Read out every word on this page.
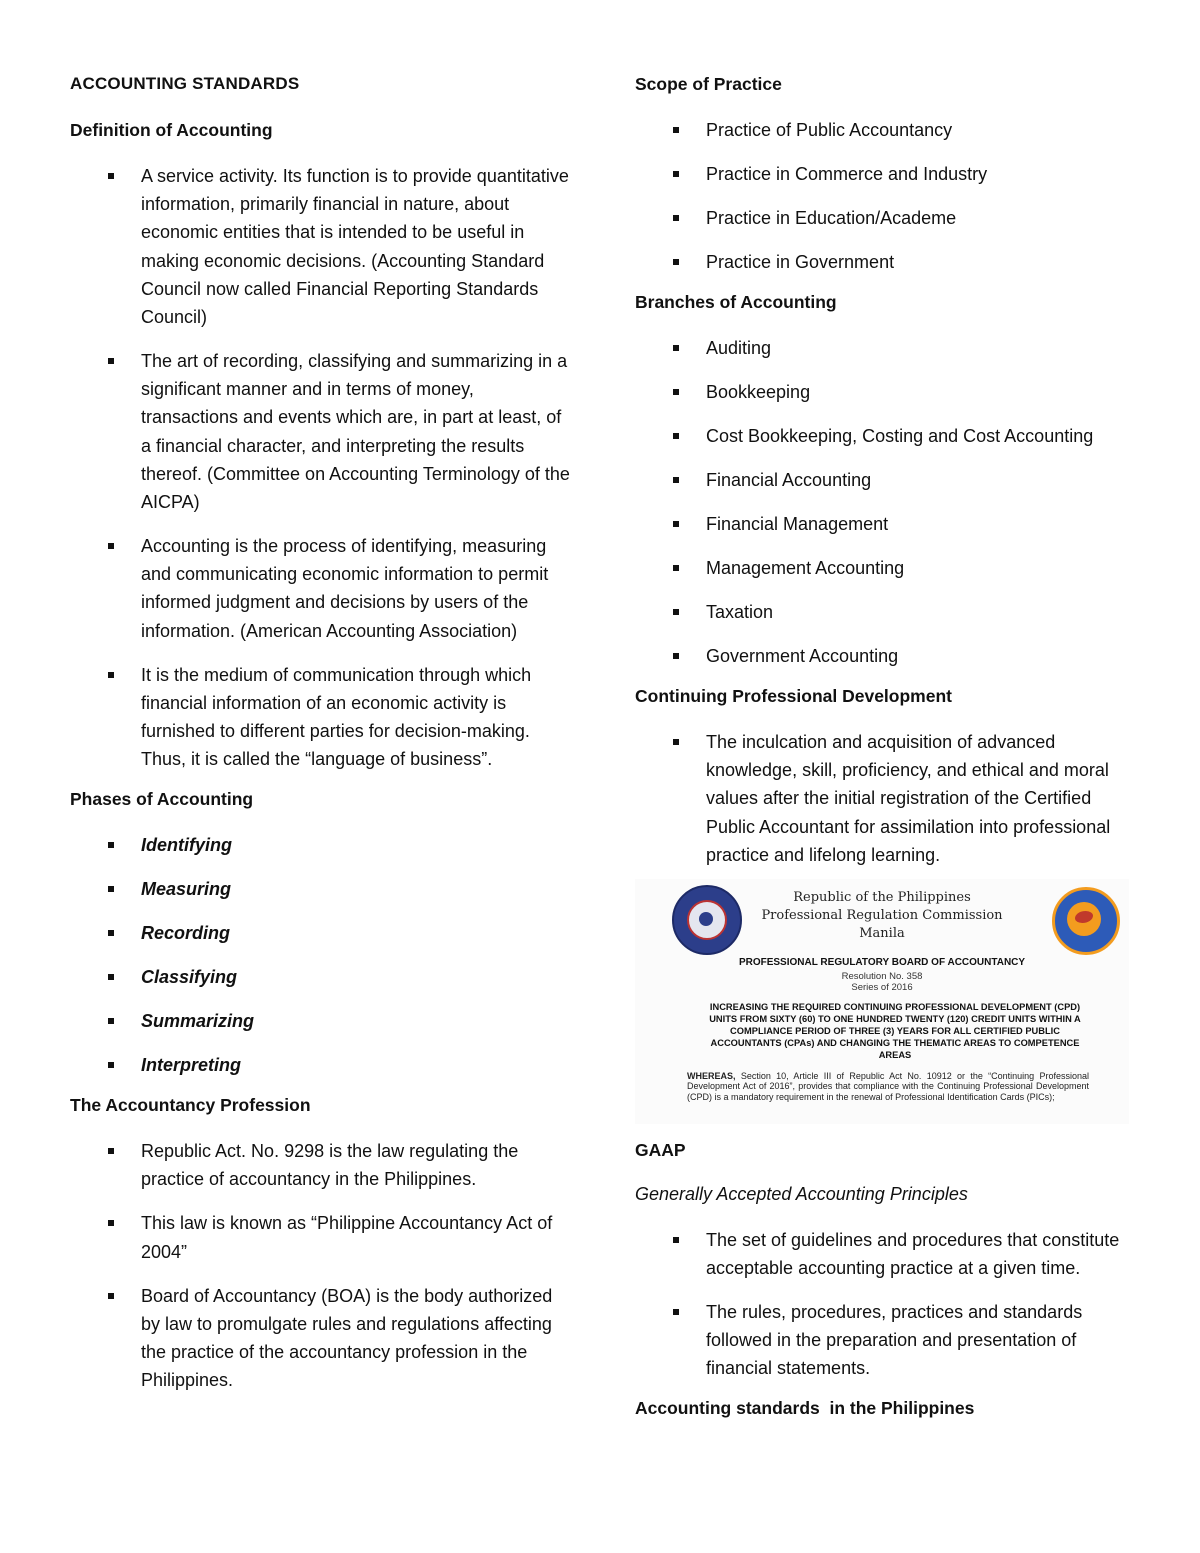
ACCOUNTING STANDARDS
Definition of Accounting
A service activity. Its function is to provide quantitative information, primarily financial in nature, about economic entities that is intended to be useful in making economic decisions. (Accounting Standard Council now called Financial Reporting Standards Council)
The art of recording, classifying and summarizing in a significant manner and in terms of money, transactions and events which are, in part at least, of a financial character, and interpreting the results thereof. (Committee on Accounting Terminology of the AICPA)
Accounting is the process of identifying, measuring and communicating economic information to permit informed judgment and decisions by users of the information. (American Accounting Association)
It is the medium of communication through which financial information of an economic activity is furnished to different parties for decision-making. Thus, it is called the “language of business”.
Phases of Accounting
Identifying
Measuring
Recording
Classifying
Summarizing
Interpreting
The Accountancy Profession
Republic Act. No. 9298 is the law regulating the practice of accountancy in the Philippines.
This law is known as “Philippine Accountancy Act of 2004”
Board of Accountancy (BOA) is the body authorized by law to promulgate rules and regulations affecting the practice of the accountancy profession in the Philippines.
Scope of Practice
Practice of Public Accountancy
Practice in Commerce and Industry
Practice in Education/Academe
Practice in Government
Branches of Accounting
Auditing
Bookkeeping
Cost Bookkeeping, Costing and Cost Accounting
Financial Accounting
Financial Management
Management Accounting
Taxation
Government Accounting
Continuing Professional Development
The inculcation and acquisition of advanced knowledge, skill, proficiency, and ethical and moral values after the initial registration of the Certified Public Accountant for assimilation into professional practice and lifelong learning.
Republic of the Philippines
Professional Regulation Commission
Manila
PROFESSIONAL REGULATORY BOARD OF ACCOUNTANCY
Resolution No. 358
Series of 2016
INCREASING THE REQUIRED CONTINUING PROFESSIONAL DEVELOPMENT (CPD) UNITS FROM SIXTY (60) TO ONE HUNDRED TWENTY (120) CREDIT UNITS WITHIN A COMPLIANCE PERIOD OF THREE (3) YEARS FOR ALL CERTIFIED PUBLIC ACCOUNTANTS (CPAs) AND CHANGING THE THEMATIC AREAS TO COMPETENCE AREAS
WHEREAS, Section 10, Article III of Republic Act No. 10912 or the “Continuing Professional Development Act of 2016”, provides that compliance with the Continuing Professional Development (CPD) is a mandatory requirement in the renewal of Professional Identification Cards (PICs);
GAAP
Generally Accepted Accounting Principles
The set of guidelines and procedures that constitute acceptable accounting practice at a given time.
The rules, procedures, practices and standards followed in the preparation and presentation of financial statements.
Accounting standards  in the Philippines
